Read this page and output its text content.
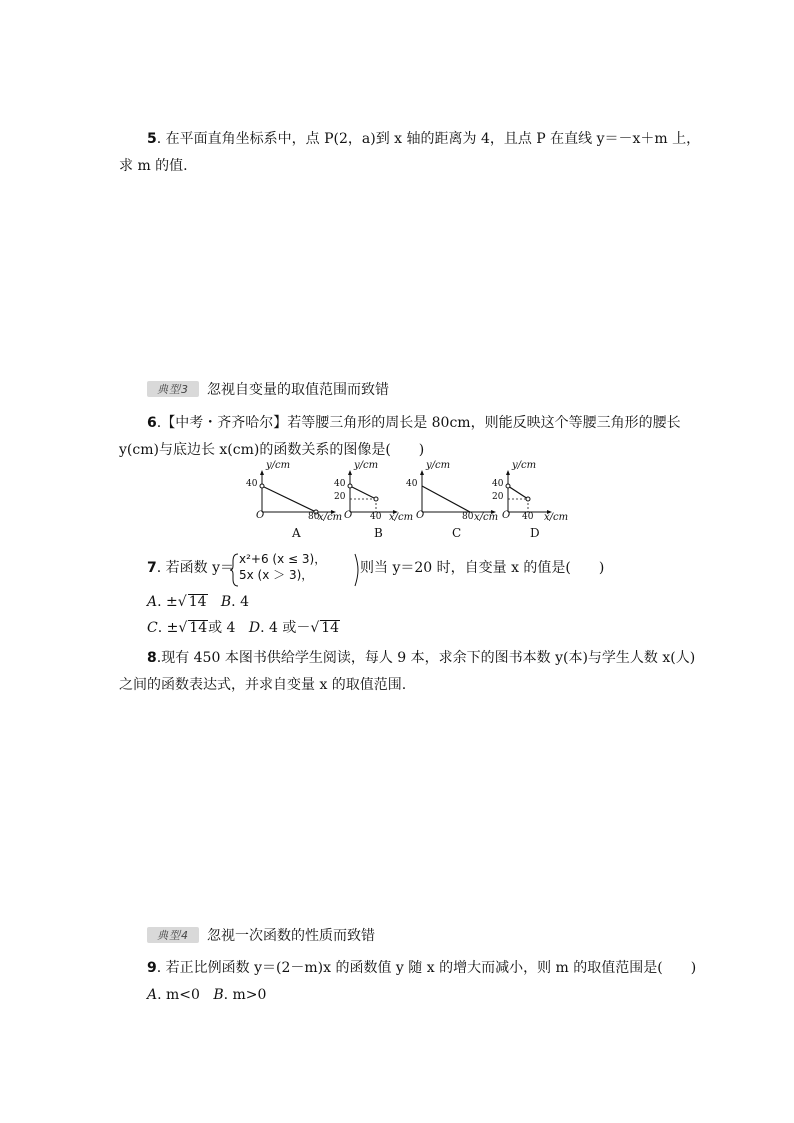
5. 在平面直角坐标系中，点 P(2，a)到 x 轴的距离为 4，且点 P 在直线 y＝－x＋m 上，
求 m 的值.
典型3	忽视自变量的取值范围而致错
6.【中考・齐齐哈尔】若等腰三角形的周长是 80cm，则能反映这个等腰三角形的腰长
y(cm)与底边长 x(cm)的函数关系的图像是(　　)
y/cm
40
O	80
x/cm
A
y/cm
40
20
O 40
B
x/cm
y/cm
40
O	80 x/cm
C
y/cm
40
20
O 40 x/cm
D
7. 若函数 y＝
x²+6 (x ≤ 3)，
5x (x ＞ 3)，	则当 y＝20 时，自变量 x 的值是(　　)
A. ±√ 14 B. 4
C. ±√ 14或 4 D. 4 或－√ 14
8.现有 450 本图书供给学生阅读，每人 9 本，求余下的图书本数 y(本)与学生人数 x(人)
之间的函数表达式，并求自变量 x 的取值范围.
典型4	忽视一次函数的性质而致错
9. 若正比例函数 y＝(2－m)x 的函数值 y 随 x 的增大而减小，则 m 的取值范围是(　　)
A. m<0 B. m>0
